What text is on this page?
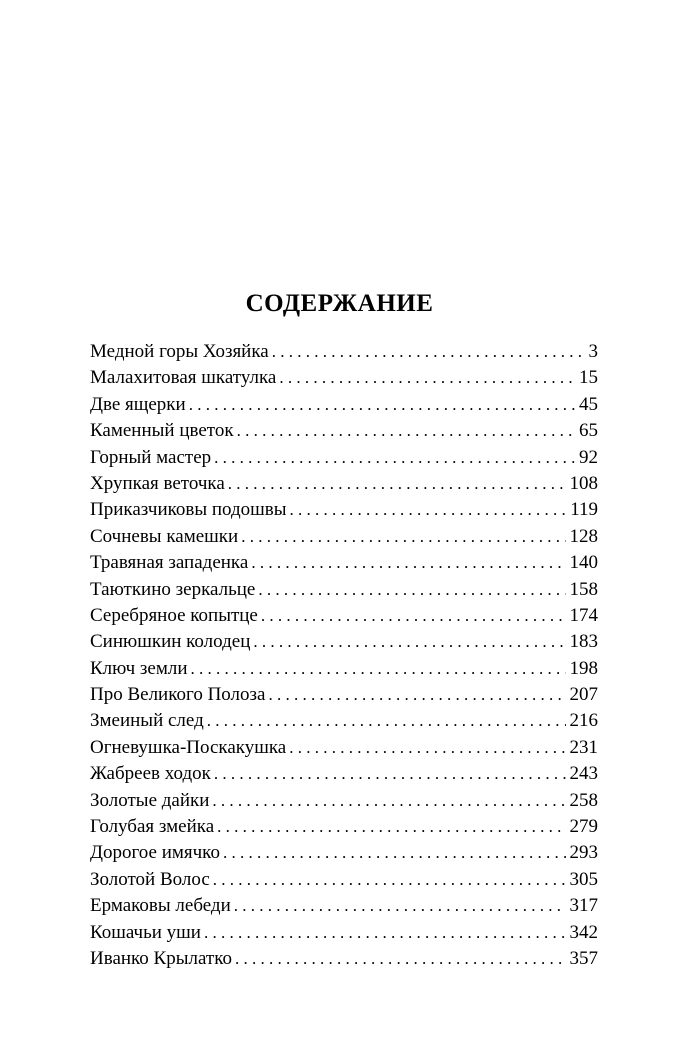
СОДЕРЖАНИЕ
Медной горы Хозяйка . . .	3
Малахитовая шкатулка . . .	15
Две ящерки . . .	45
Каменный цветок . . .	65
Горный мастер . . .	92
Хрупкая веточка . . .	108
Приказчиковы подошвы . . .	119
Сочневы камешки . . .	128
Травяная западенка . . .	140
Таюткино зеркальце . . .	158
Серебряное копытце . . .	174
Синюшкин колодец . . .	183
Ключ земли . . .	198
Про Великого Полоза . . .	207
Змеиный след . . .	216
Огневушка-Поскакушка . . .	231
Жабреев ходок . . .	243
Золотые дайки . . .	258
Голубая змейка . . .	279
Дорогое имячко . . .	293
Золотой Волос . . .	305
Ермаковы лебеди . . .	317
Кошачьи уши . . .	342
Иванко Крылатко . . .	357
